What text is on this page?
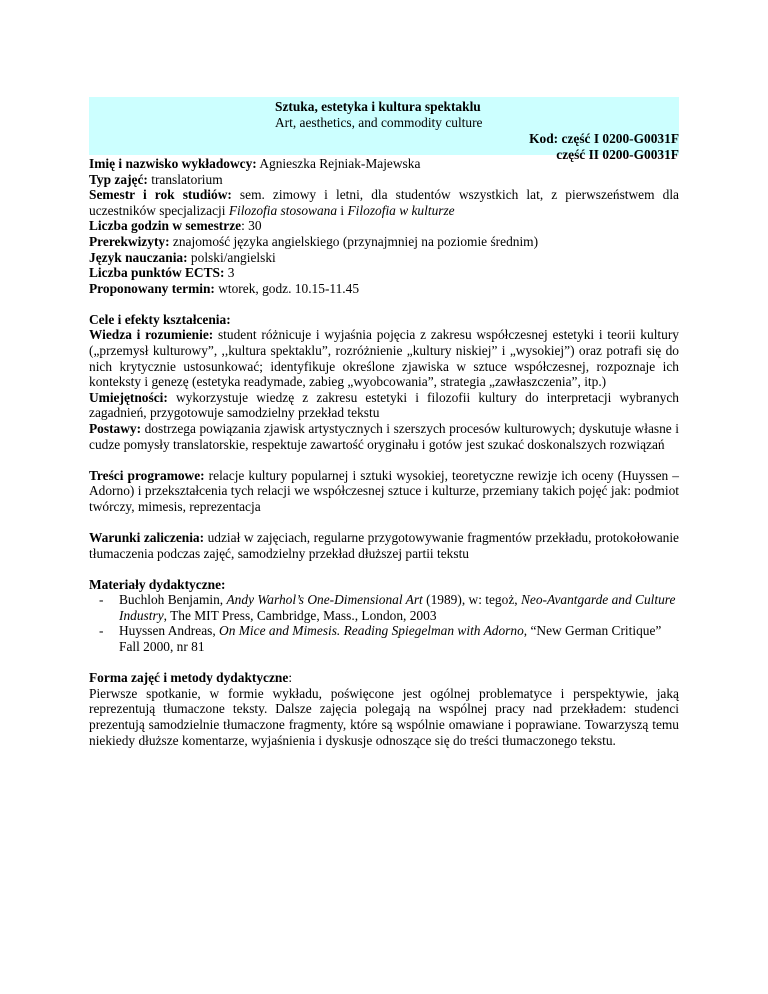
Sztuka, estetyka i kultura spektaklu
Art, aesthetics, and commodity culture
Kod: część I 0200-G0031F
część II 0200-G0031F

Imię i nazwisko wykładowcy: Agnieszka Rejniak-Majewska

Typ zajęć: translatorium

Semestr i rok studiów: sem. zimowy i letni, dla studentów wszystkich lat, z pierwszeństwem dla uczestników specjalizacji Filozofia stosowana i Filozofia w kulturze

Liczba godzin w semestrze: 30

Prerekwizyty: znajomość języka angielskiego (przynajmniej na poziomie średnim)

Język nauczania: polski/angielski

Liczba punktów ECTS: 3

Proponowany termin: wtorek, godz. 10.15-11.45

Cele i efekty kształcenia:

Wiedza i rozumienie: student różnicuje i wyjaśnia pojęcia z zakresu współczesnej estetyki i teorii kultury („przemysł kulturowy”, ,,kultura spektaklu”, rozróżnienie „kultury niskiej” i „wysokiej”) oraz potrafi się do nich krytycznie ustosunkować; identyfikuje określone zjawiska w sztuce współczesnej, rozpoznaje ich konteksty i genezę (estetyka readymade, zabieg „wyobcowania”, strategia „zawłaszczenia”, itp.)

Umiejętności: wykorzystuje wiedzę z zakresu estetyki i filozofii kultury do interpretacji wybranych zagadnień, przygotowuje samodzielny przekład tekstu

Postawy: dostrzega powiązania zjawisk artystycznych i szerszych procesów kulturowych; dyskutuje własne i cudze pomysły translatorskie, respektuje zawartość oryginału i gotów jest szukać doskonalszych rozwiązań

Treści programowe: relacje kultury popularnej i sztuki wysokiej, teoretyczne rewizje ich oceny (Huyssen – Adorno) i przekształcenia tych relacji we współczesnej sztuce i kulturze, przemiany takich pojęć jak: podmiot twórczy, mimesis, reprezentacja

Warunki zaliczenia: udział w zajęciach, regularne przygotowywanie fragmentów przekładu, protokołowanie tłumaczenia podczas zajęć, samodzielny przekład dłuższej partii tekstu

Materiały dydaktyczne:

- Buchloh Benjamin, Andy Warhol’s One-Dimensional Art (1989), w: tegoż, Neo-Avantgarde and Culture Industry, The MIT Press, Cambridge, Mass., London, 2003
- Huyssen Andreas, On Mice and Mimesis. Reading Spiegelman with Adorno, “New German Critique” Fall 2000, nr 81

Forma zajęć i metody dydaktyczne:

Pierwsze spotkanie, w formie wykładu, poświęcone jest ogólnej problematyce i perspektywie, jaką reprezentują tłumaczone teksty. Dalsze zajęcia polegają na wspólnej pracy nad przekładem: studenci prezentują samodzielnie tłumaczone fragmenty, które są wspólnie omawiane i poprawiane. Towarzyszą temu niekiedy dłuższe komentarze, wyjaśnienia i dyskusje odnoszące się do treści tłumaczonego tekstu.
